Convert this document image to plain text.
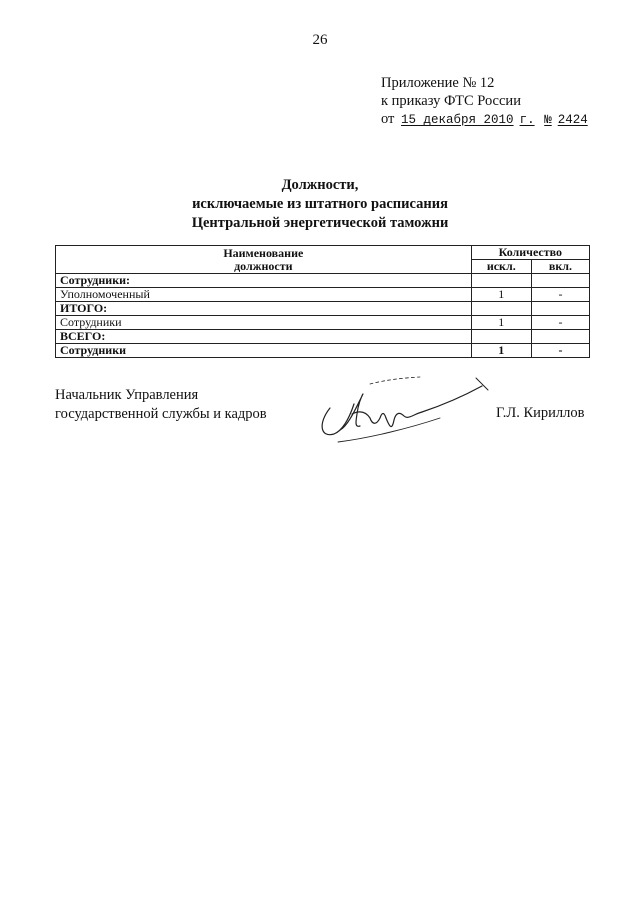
26
Приложение № 12
к приказу ФТС России
от 15 декабря 2010 г. № 2424
Должности,
исключаемые из штатного расписания
Центральной энергетической таможни
Наименование
должности	Количество	
	искл.	вкл.
Сотрудники:		
Уполномоченный	1	-
ИТОГО:		
Сотрудники	1	-
ВСЕГО:		
Сотрудники	1	-
Начальник Управления
государственной службы и кадров	Г.Л. Кириллов
